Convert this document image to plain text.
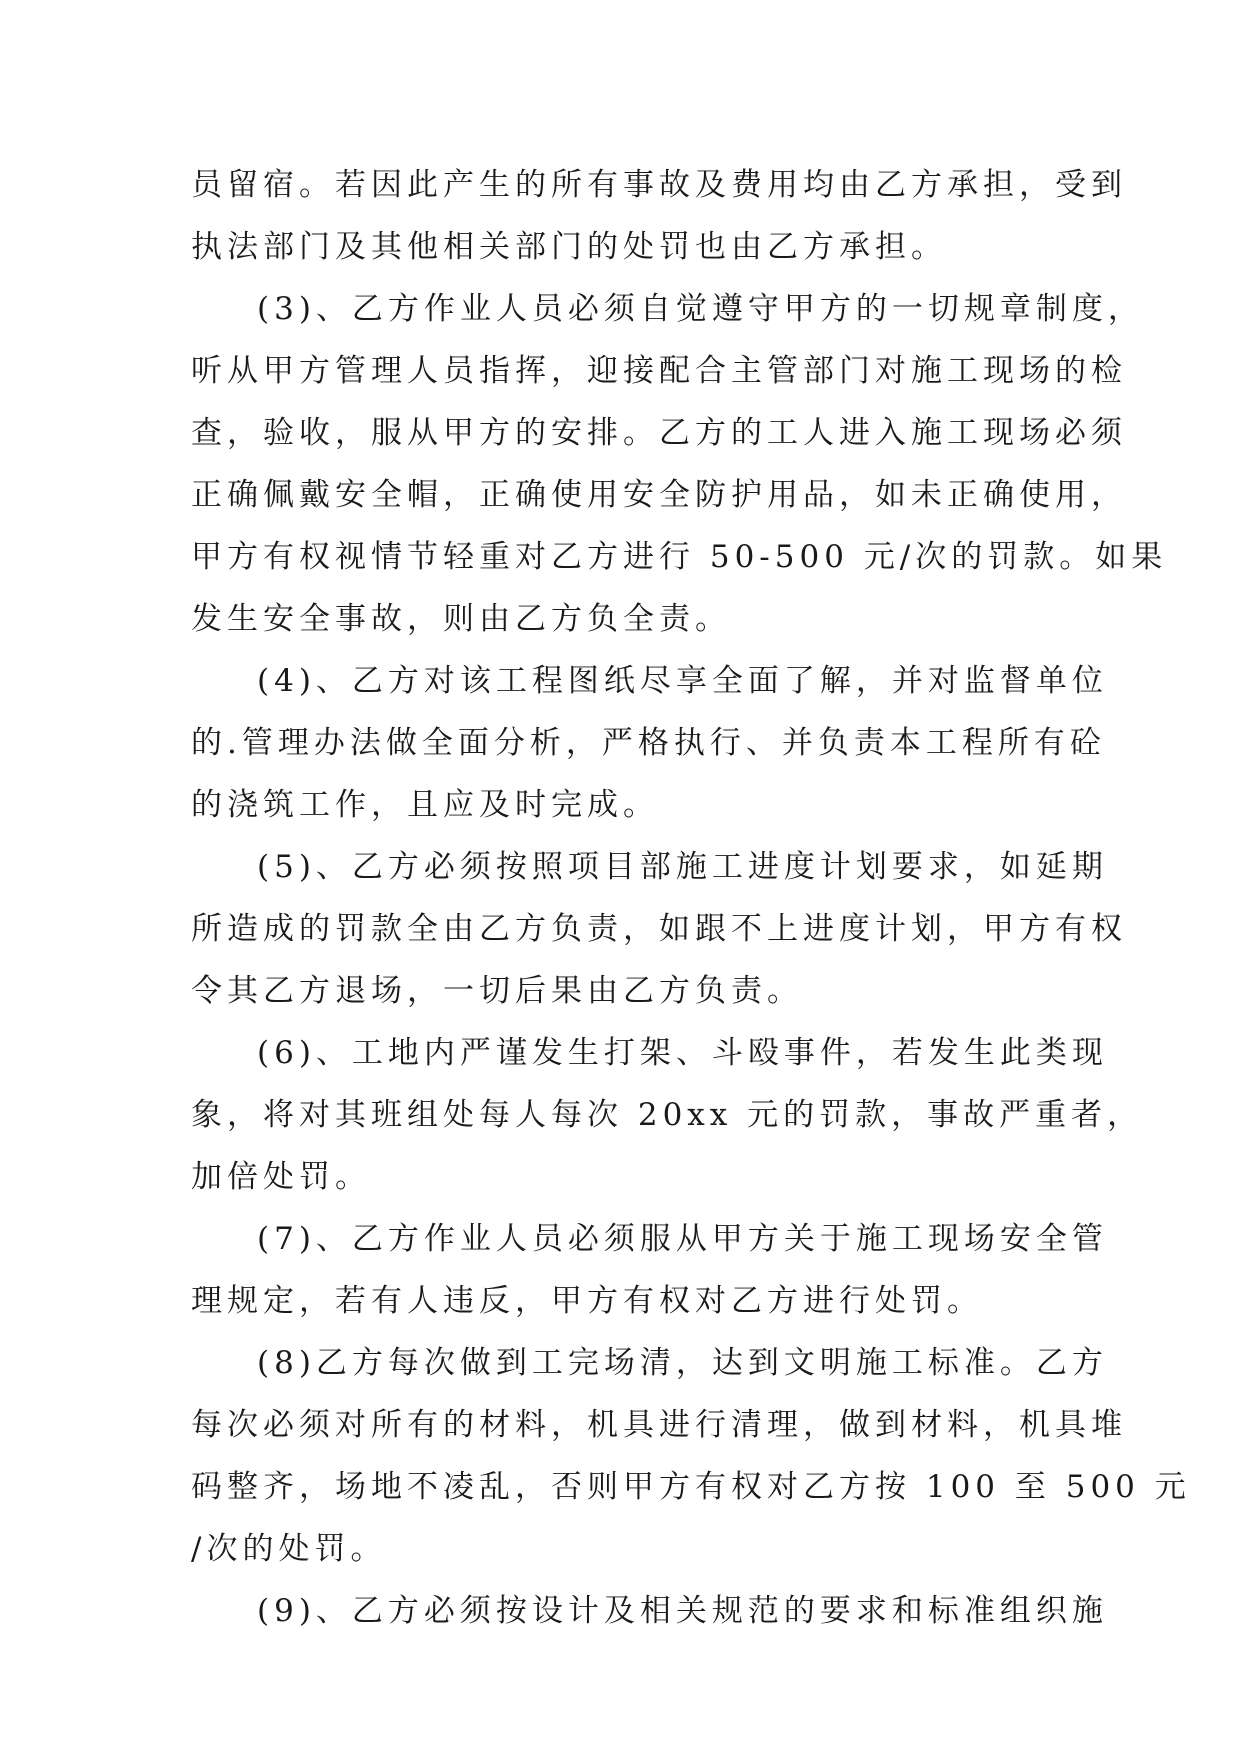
员留宿。若因此产生的所有事故及费用均由乙方承担，受到
执法部门及其他相关部门的处罚也由乙方承担。
(3)、乙方作业人员必须自觉遵守甲方的一切规章制度，
听从甲方管理人员指挥，迎接配合主管部门对施工现场的检
查，验收，服从甲方的安排。乙方的工人进入施工现场必须
正确佩戴安全帽，正确使用安全防护用品，如未正确使用，
甲方有权视情节轻重对乙方进行 50-500 元/次的罚款。如果
发生安全事故，则由乙方负全责。
(4)、乙方对该工程图纸尽享全面了解，并对监督单位
的.管理办法做全面分析，严格执行、并负责本工程所有砼
的浇筑工作，且应及时完成。
(5)、乙方必须按照项目部施工进度计划要求，如延期
所造成的罚款全由乙方负责，如跟不上进度计划，甲方有权
令其乙方退场，一切后果由乙方负责。
(6)、工地内严谨发生打架、斗殴事件，若发生此类现
象，将对其班组处每人每次 20xx 元的罚款，事故严重者，
加倍处罚。
(7)、乙方作业人员必须服从甲方关于施工现场安全管
理规定，若有人违反，甲方有权对乙方进行处罚。
(8)乙方每次做到工完场清，达到文明施工标准。乙方
每次必须对所有的材料，机具进行清理，做到材料，机具堆
码整齐，场地不凌乱，否则甲方有权对乙方按 100 至 500 元
/次的处罚。
(9)、乙方必须按设计及相关规范的要求和标准组织施
